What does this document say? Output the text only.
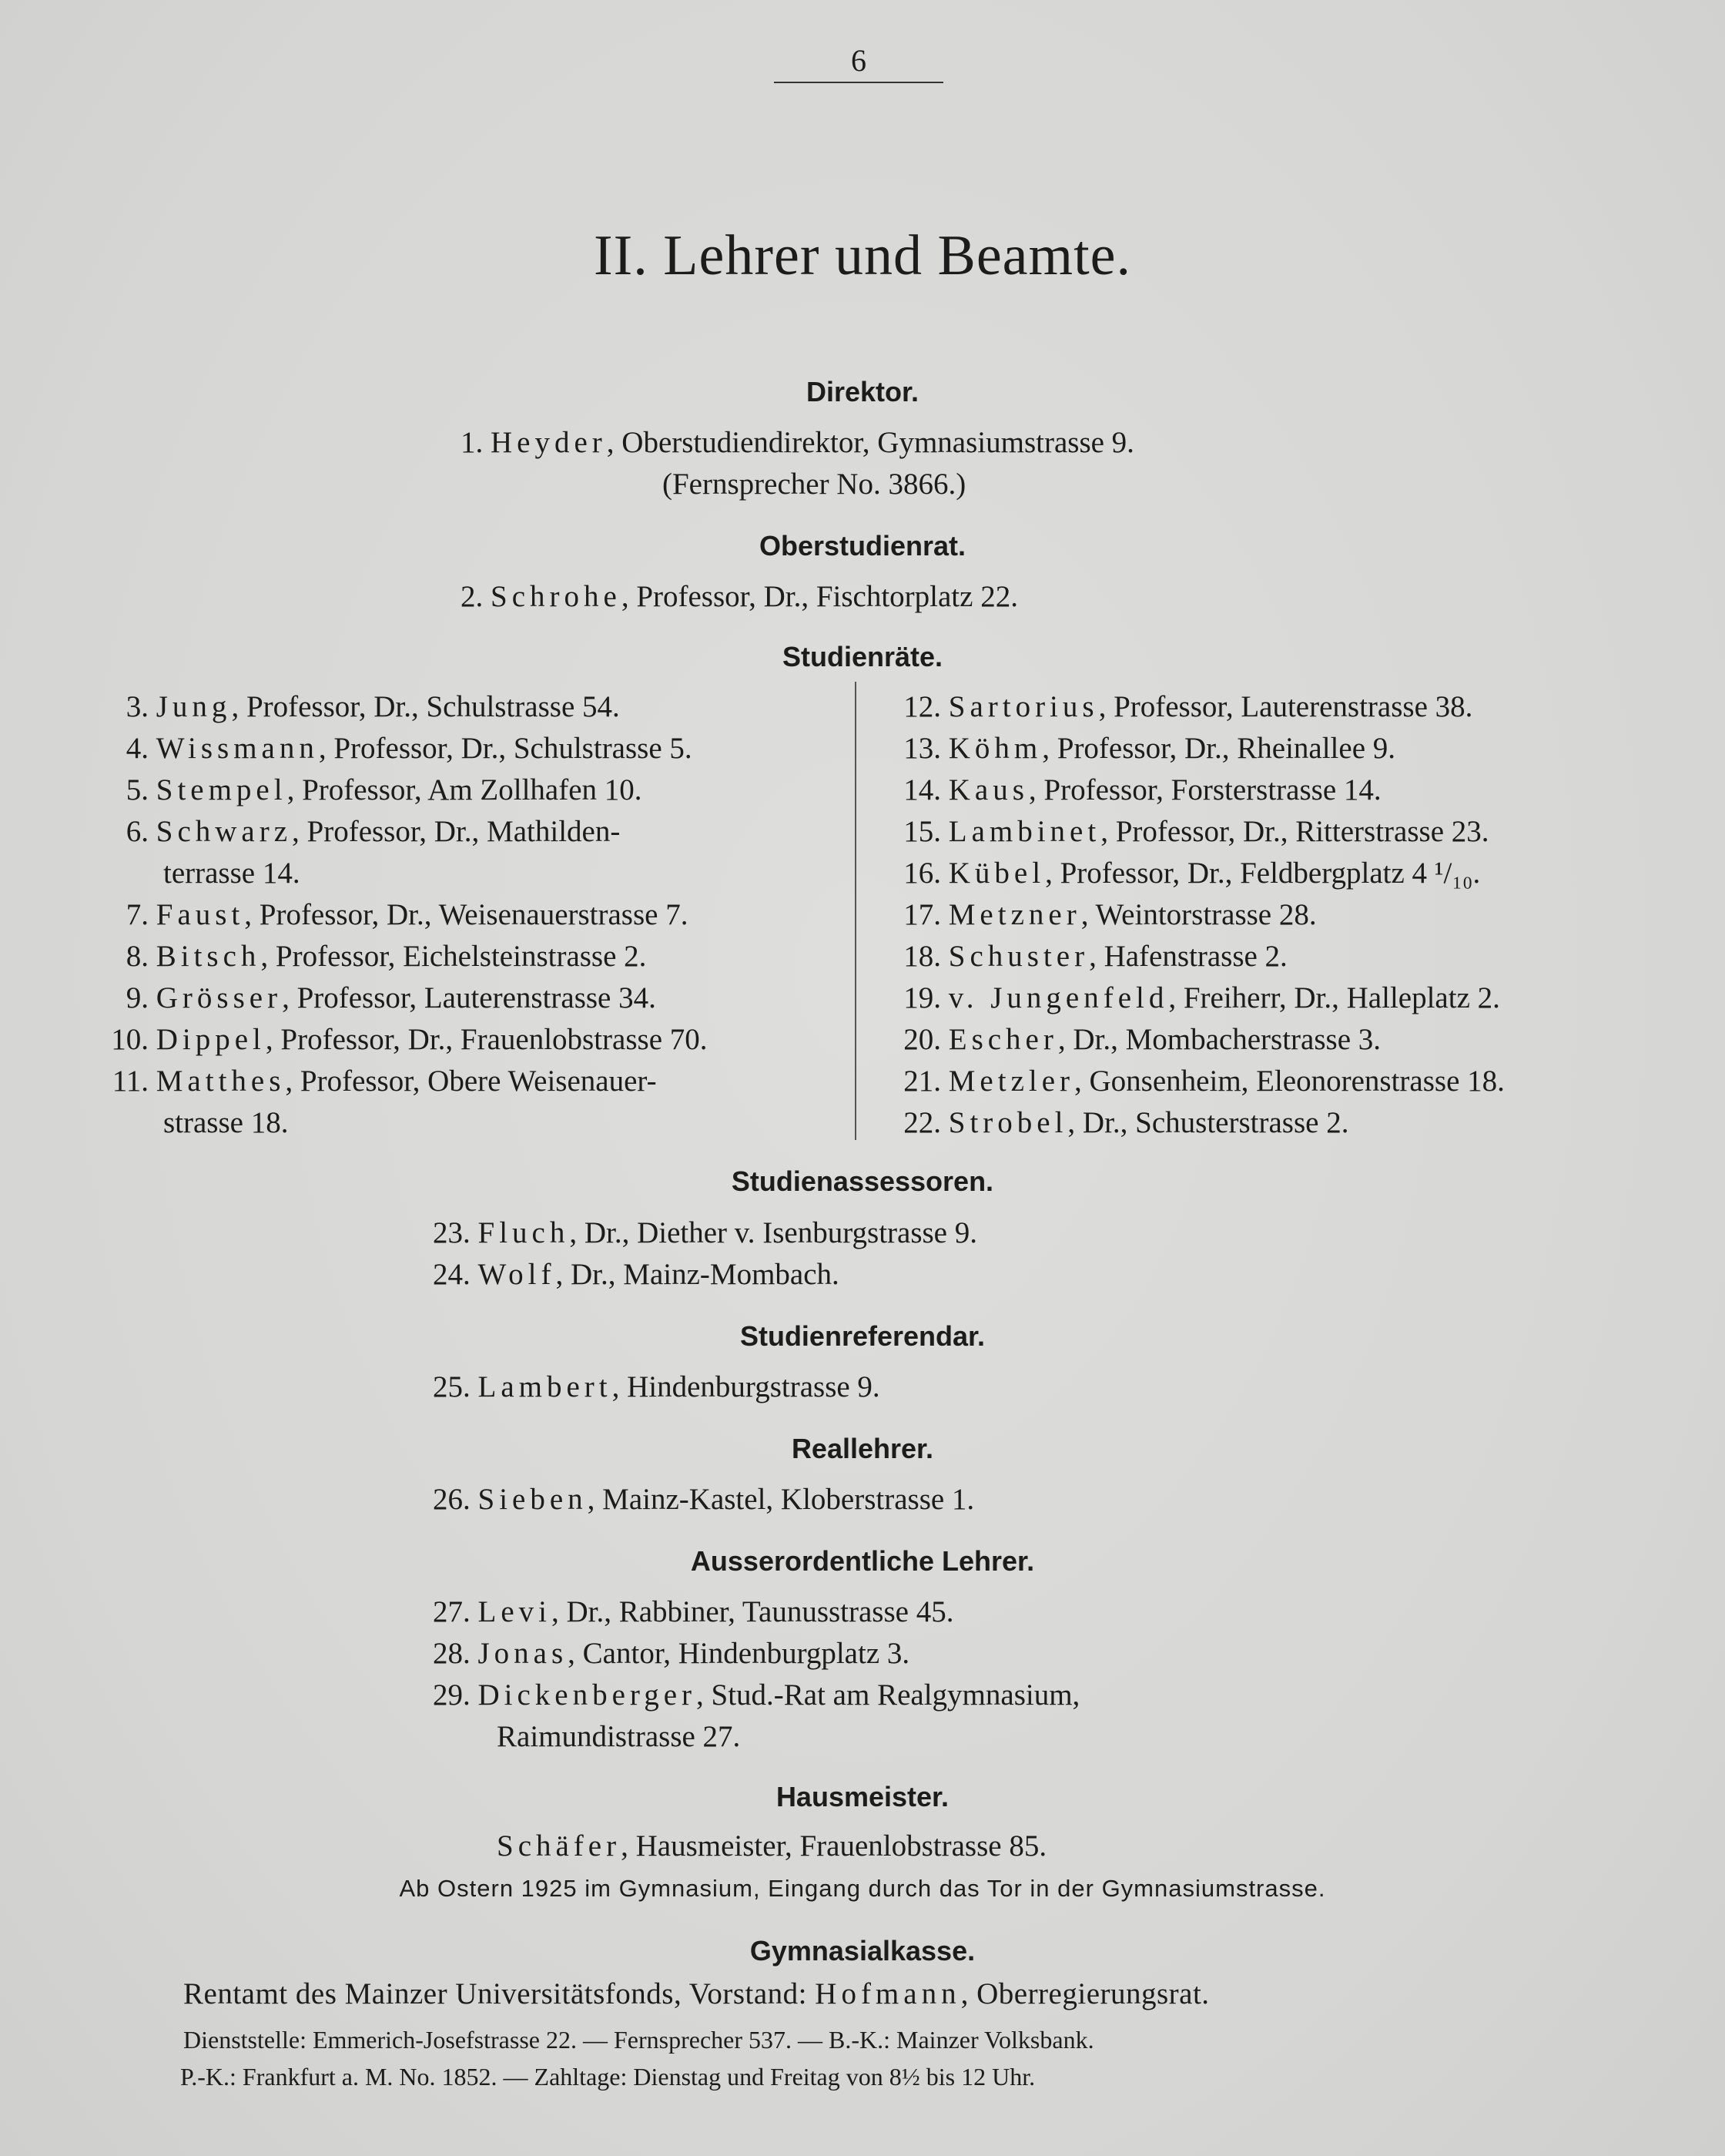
6
II. Lehrer und Beamte.
Direktor.
1. Heyder, Oberstudiendirektor, Gymnasiumstrasse 9.
(Fernsprecher No. 3866.)
Oberstudienrat.
2. Schrohe, Professor, Dr., Fischtorplatz 22.
Studienräte.
3. Jung, Professor, Dr., Schulstrasse 54.
4. Wissmann, Professor, Dr., Schulstrasse 5.
5. Stempel, Professor, Am Zollhafen 10.
6. Schwarz, Professor, Dr., Mathilden-
terrasse 14.
7. Faust, Professor, Dr., Weisenauerstrasse 7.
8. Bitsch, Professor, Eichelsteinstrasse 2.
9. Grösser, Professor, Lauterenstrasse 34.
10. Dippel, Professor, Dr., Frauenlobstrasse 70.
11. Matthes, Professor, Obere Weisenauer-
strasse 18.
12. Sartorius, Professor, Lauterenstrasse 38.
13. Köhm, Professor, Dr., Rheinallee 9.
14. Kaus, Professor, Forsterstrasse 14.
15. Lambinet, Professor, Dr., Ritterstrasse 23.
16. Kübel, Professor, Dr., Feldbergplatz 4 ¹/₁₀.
17. Metzner, Weintorstrasse 28.
18. Schuster, Hafenstrasse 2.
19. v. Jungenfeld, Freiherr, Dr., Halleplatz 2.
20. Escher, Dr., Mombacherstrasse 3.
21. Metzler, Gonsenheim, Eleonorenstrasse 18.
22. Strobel, Dr., Schusterstrasse 2.
Studienassessoren.
23. Fluch, Dr., Diether v. Isenburgstrasse 9.
24. Wolf, Dr., Mainz-Mombach.
Studienreferendar.
25. Lambert, Hindenburgstrasse 9.
Reallehrer.
26. Sieben, Mainz-Kastel, Kloberstrasse 1.
Ausserordentliche Lehrer.
27. Levi, Dr., Rabbiner, Taunusstrasse 45.
28. Jonas, Cantor, Hindenburgplatz 3.
29. Dickenberger, Stud.-Rat am Realgymnasium,
Raimundistrasse 27.
Hausmeister.
Schäfer, Hausmeister, Frauenlobstrasse 85.
Ab Ostern 1925 im Gymnasium, Eingang durch das Tor in der Gymnasiumstrasse.
Gymnasialkasse.
Rentamt des Mainzer Universitätsfonds, Vorstand: Hofmann, Oberregierungsrat.
Dienststelle: Emmerich-Josefstrasse 22. — Fernsprecher 537. — B.-K.: Mainzer Volksbank.
P.-K.: Frankfurt a. M. No. 1852. — Zahltage: Dienstag und Freitag von 8½ bis 12 Uhr.
